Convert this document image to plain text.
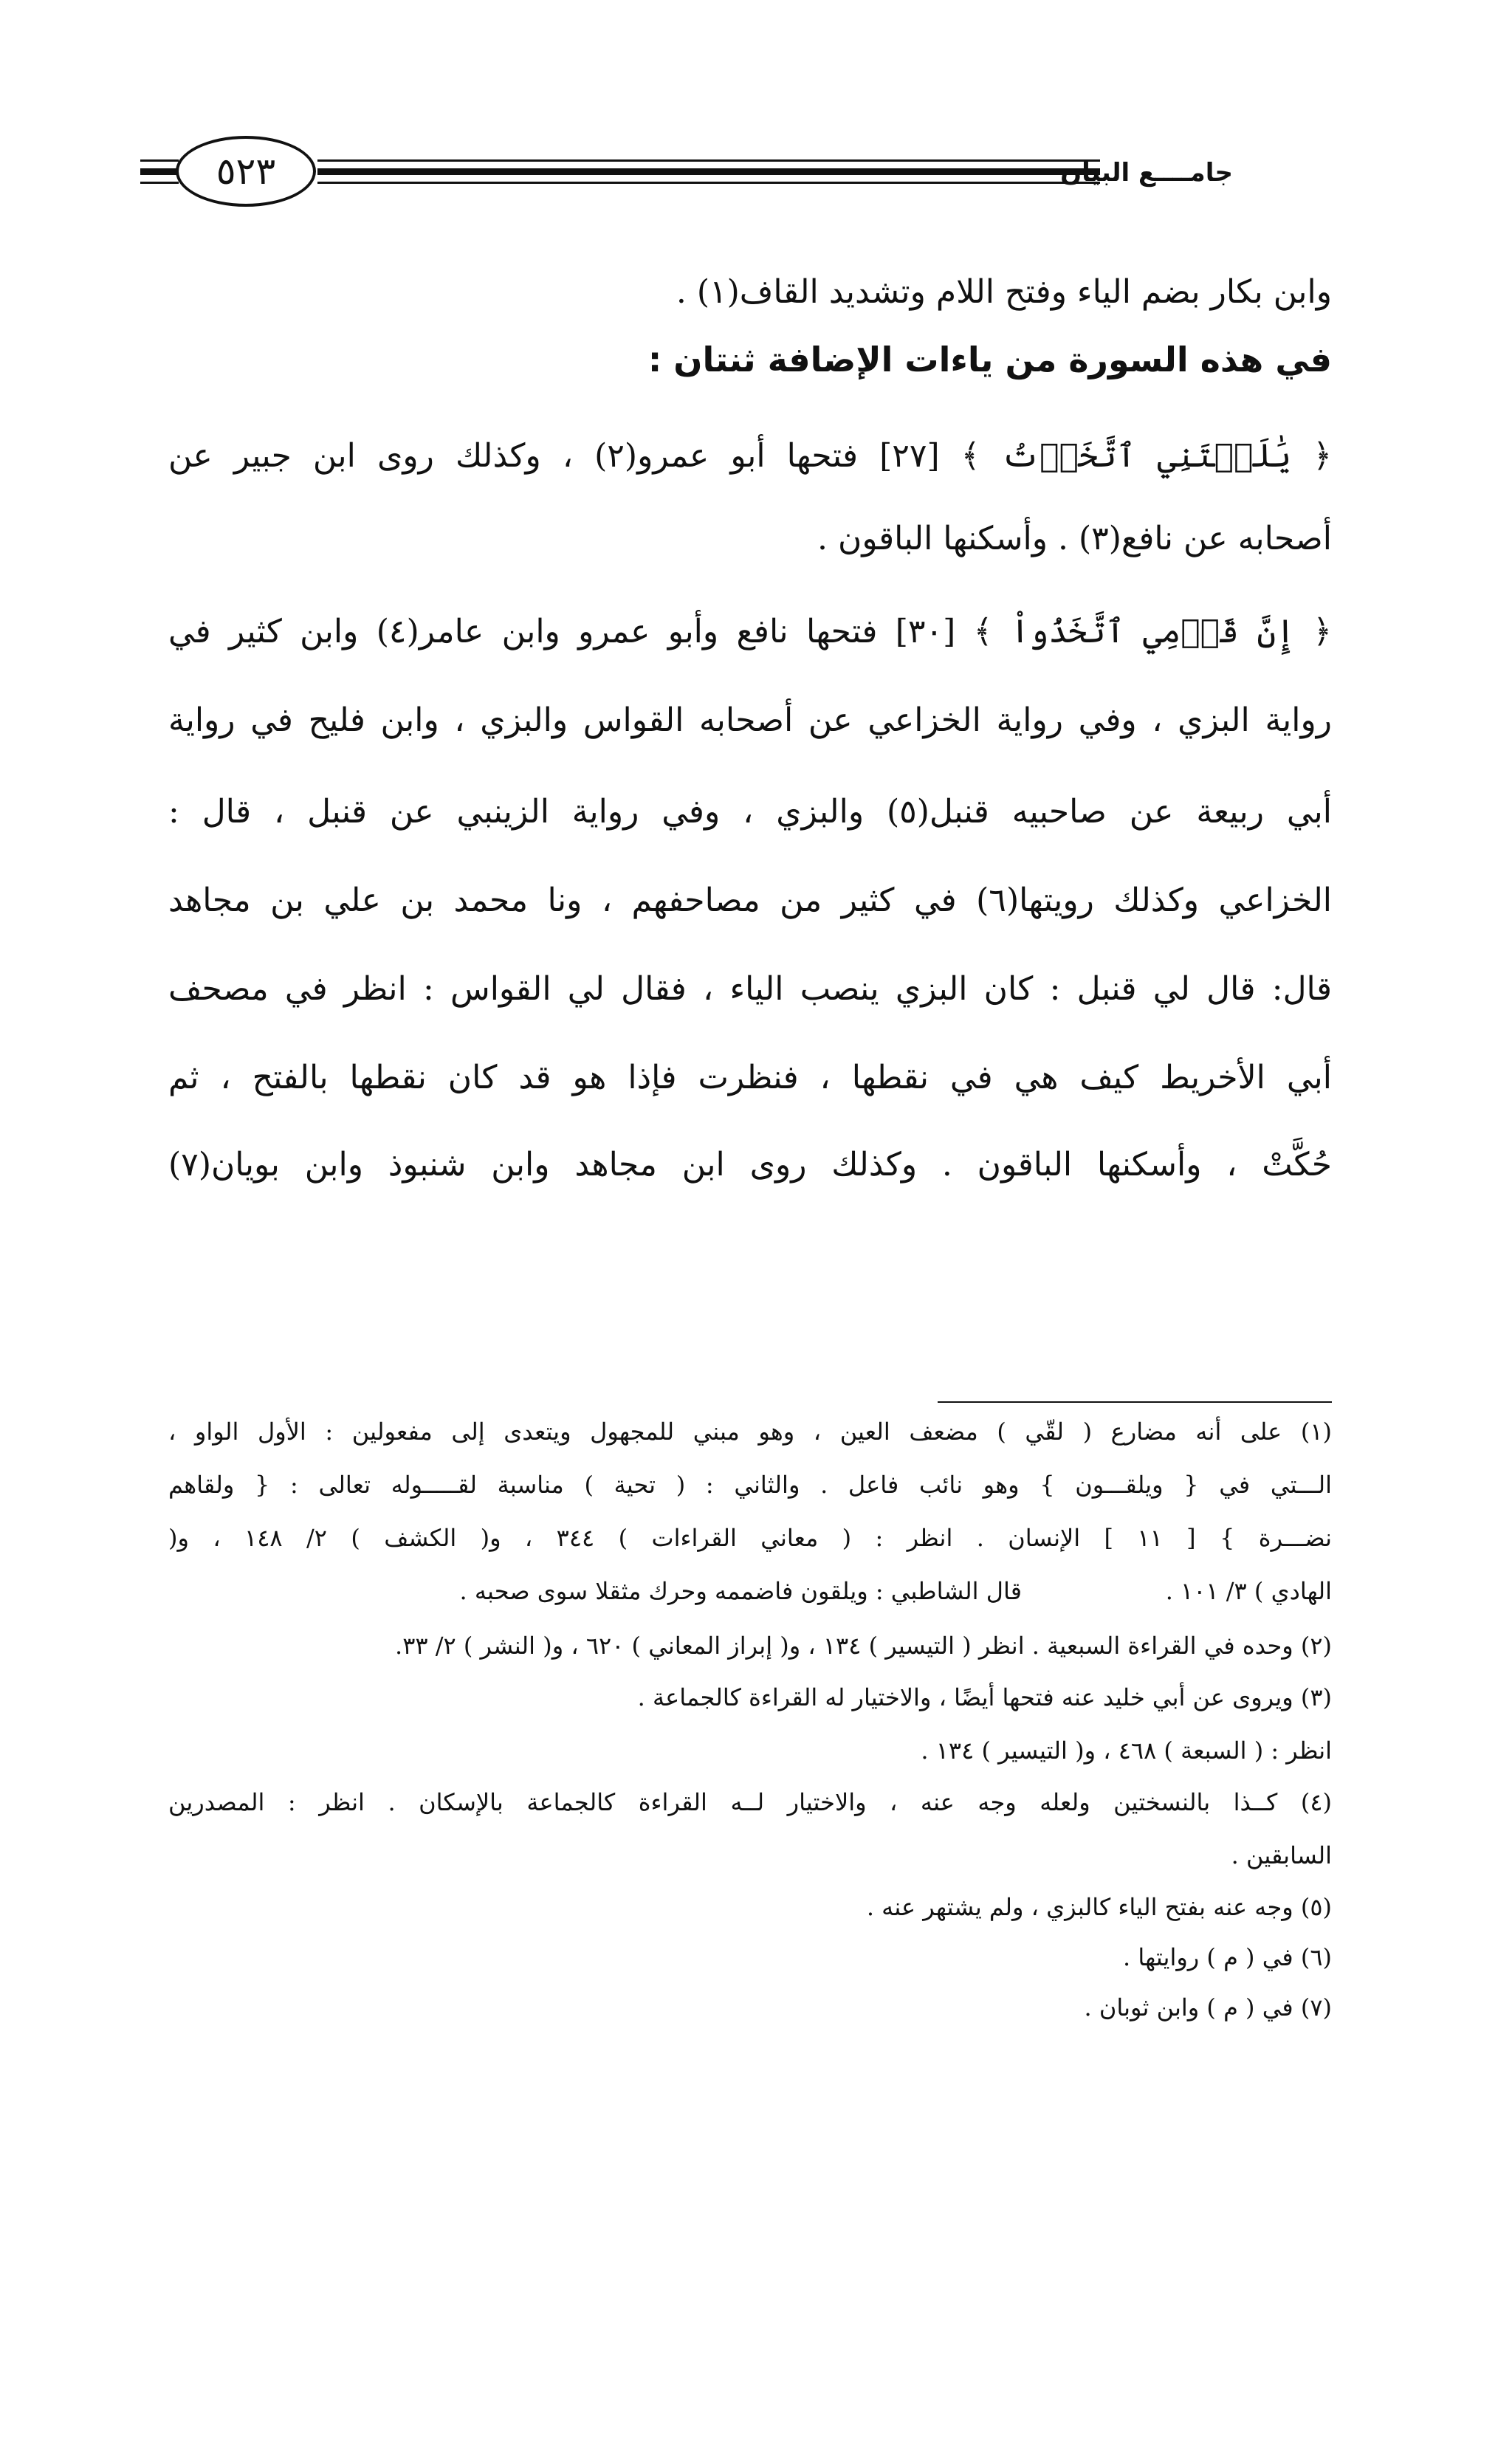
جامــــع البيان
٥٢٣
وابن بكار بضم الياء وفتح اللام وتشديد القاف(١) .
في هذه السورة من ياءات الإضافة ثنتان :
﴿ يَٰلَيۡتَنِي ٱتَّخَذۡتُ ﴾ [٢٧] فتحها أبو عمرو(٢) ، وكذلك روى ابن جبير عن
أصحابه عن نافع(٣) . وأسكنها الباقون .
﴿ إِنَّ قَوۡمِي ٱتَّخَذُواْ ﴾ [٣٠] فتحها نافع وأبو عمرو وابن عامر(٤) وابن كثير في
رواية البزي ، وفي رواية الخزاعي عن أصحابه القواس والبزي ، وابن فليح في رواية
أبي ربيعة عن صاحبيه قنبل(٥) والبزي ، وفي رواية الزينبي عن قنبل ، قال :
الخزاعي وكذلك رويتها(٦) في كثير من مصاحفهم ، ونا محمد بن علي بن مجاهد
قال: قال لي قنبل : كان البزي ينصب الياء ، فقال لي القواس : انظر في مصحف
أبي الأخريط كيف هي في نقطها ، فنظرت فإذا هو قد كان نقطها بالفتح ، ثم
حُكَّتْ ، وأسكنها الباقون . وكذلك روى ابن مجاهد وابن شنبوذ وابن بويان(٧)
(١) على أنه مضارع ( لقّي ) مضعف العين ، وهو مبني للمجهول ويتعدى إلى مفعولين : الأول الواو ،
الـــتي في { ويلقـــون } وهو نائب فاعل . والثاني : ( تحية ) مناسبة لقـــــوله تعالى : { ولقاهم
نضـــرة } [ ١١ ] الإنسان . انظر : ( معاني القراءات ) ٣٤٤ ، و( الكشف ) ٢/ ١٤٨ ، و(
الهادي ) ٣/ ١٠١ .
قال الشاطبي : ويلقون فاضممه وحرك مثقلا سوى صحبه .
(٢) وحده في القراءة السبعية . انظر ( التيسير ) ١٣٤ ، و( إبراز المعاني ) ٦٢٠ ، و( النشر ) ٢/ ٣٣.
(٣) ويروى عن أبي خليد عنه فتحها أيضًا ، والاختيار له القراءة كالجماعة .
انظر : ( السبعة ) ٤٦٨ ، و( التيسير ) ١٣٤ .
(٤) كــذا بالنسختين ولعله وجه عنه ، والاختيار لــه القراءة كالجماعة بالإسكان . انظر : المصدرين
السابقين .
(٥) وجه عنه بفتح الياء كالبزي ، ولم يشتهر عنه .
(٦) في ( م ) روايتها .
(٧) في ( م ) وابن ثوبان .
